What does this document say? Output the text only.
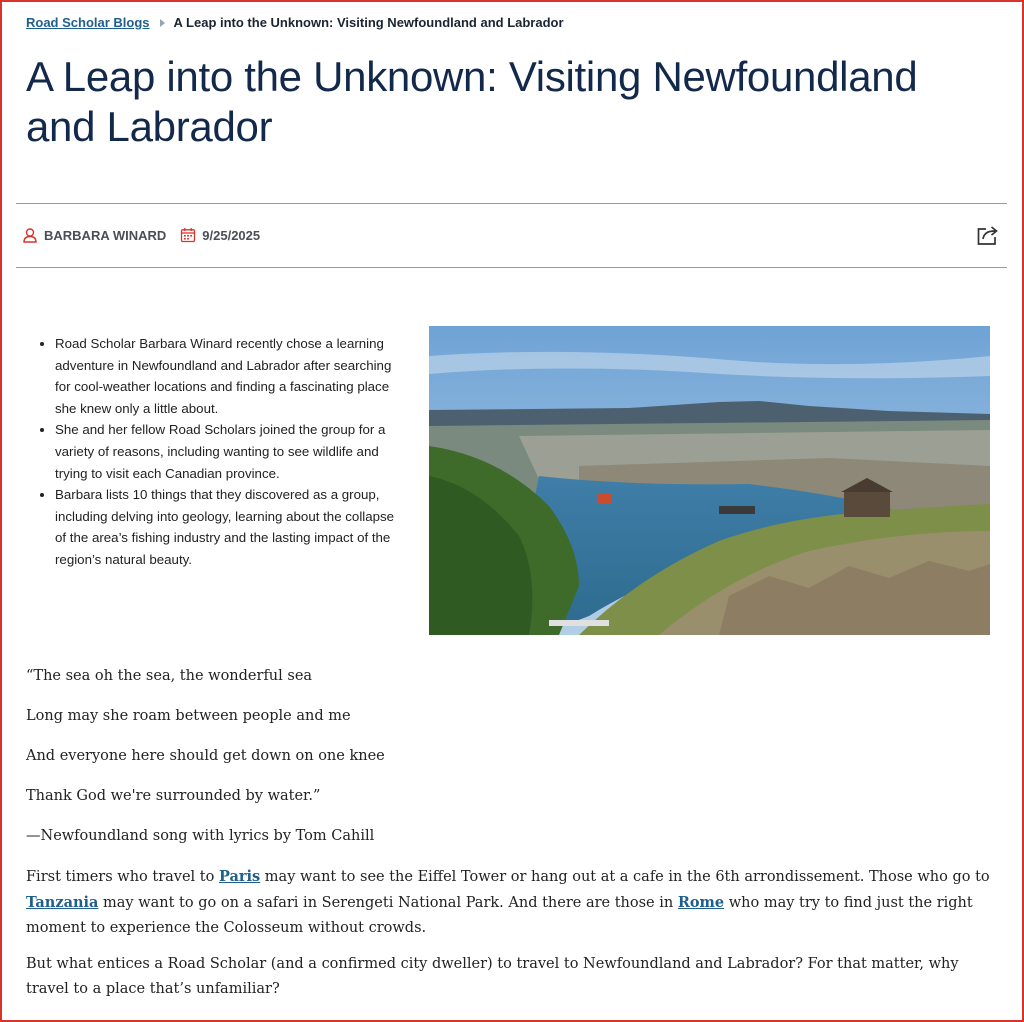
Road Scholar Blogs A Leap into the Unknown: Visiting Newfoundland and Labrador
A Leap into the Unknown: Visiting Newfoundland and Labrador
BARBARA WINARD	9/25/2025
• Road Scholar Barbara Winard recently chose a learning adventure in Newfoundland and Labrador after searching for cool-weather locations and finding a fascinating place she knew only a little about.
• She and her fellow Road Scholars joined the group for a variety of reasons, including wanting to see wildlife and trying to visit each Canadian province.
• Barbara lists 10 things that they discovered as a group, including delving into geology, learning about the collapse of the area’s fishing industry and the lasting impact of the region’s natural beauty.

“The sea oh the sea, the wonderful sea

Long may she roam between people and me

And everyone here should get down on one knee

Thank God we're surrounded by water.”

—Newfoundland song with lyrics by Tom Cahill

First timers who travel to Paris may want to see the Eiffel Tower or hang out at a cafe in the 6th arrondissement. Those who go to Tanzania may want to go on a safari in Serengeti National Park. And there are those in Rome who may try to find just the right moment to experience the Colosseum without crowds.

But what entices a Road Scholar (and a confirmed city dweller) to travel to Newfoundland and Labrador? For that matter, why travel to a place that’s unfamiliar?
